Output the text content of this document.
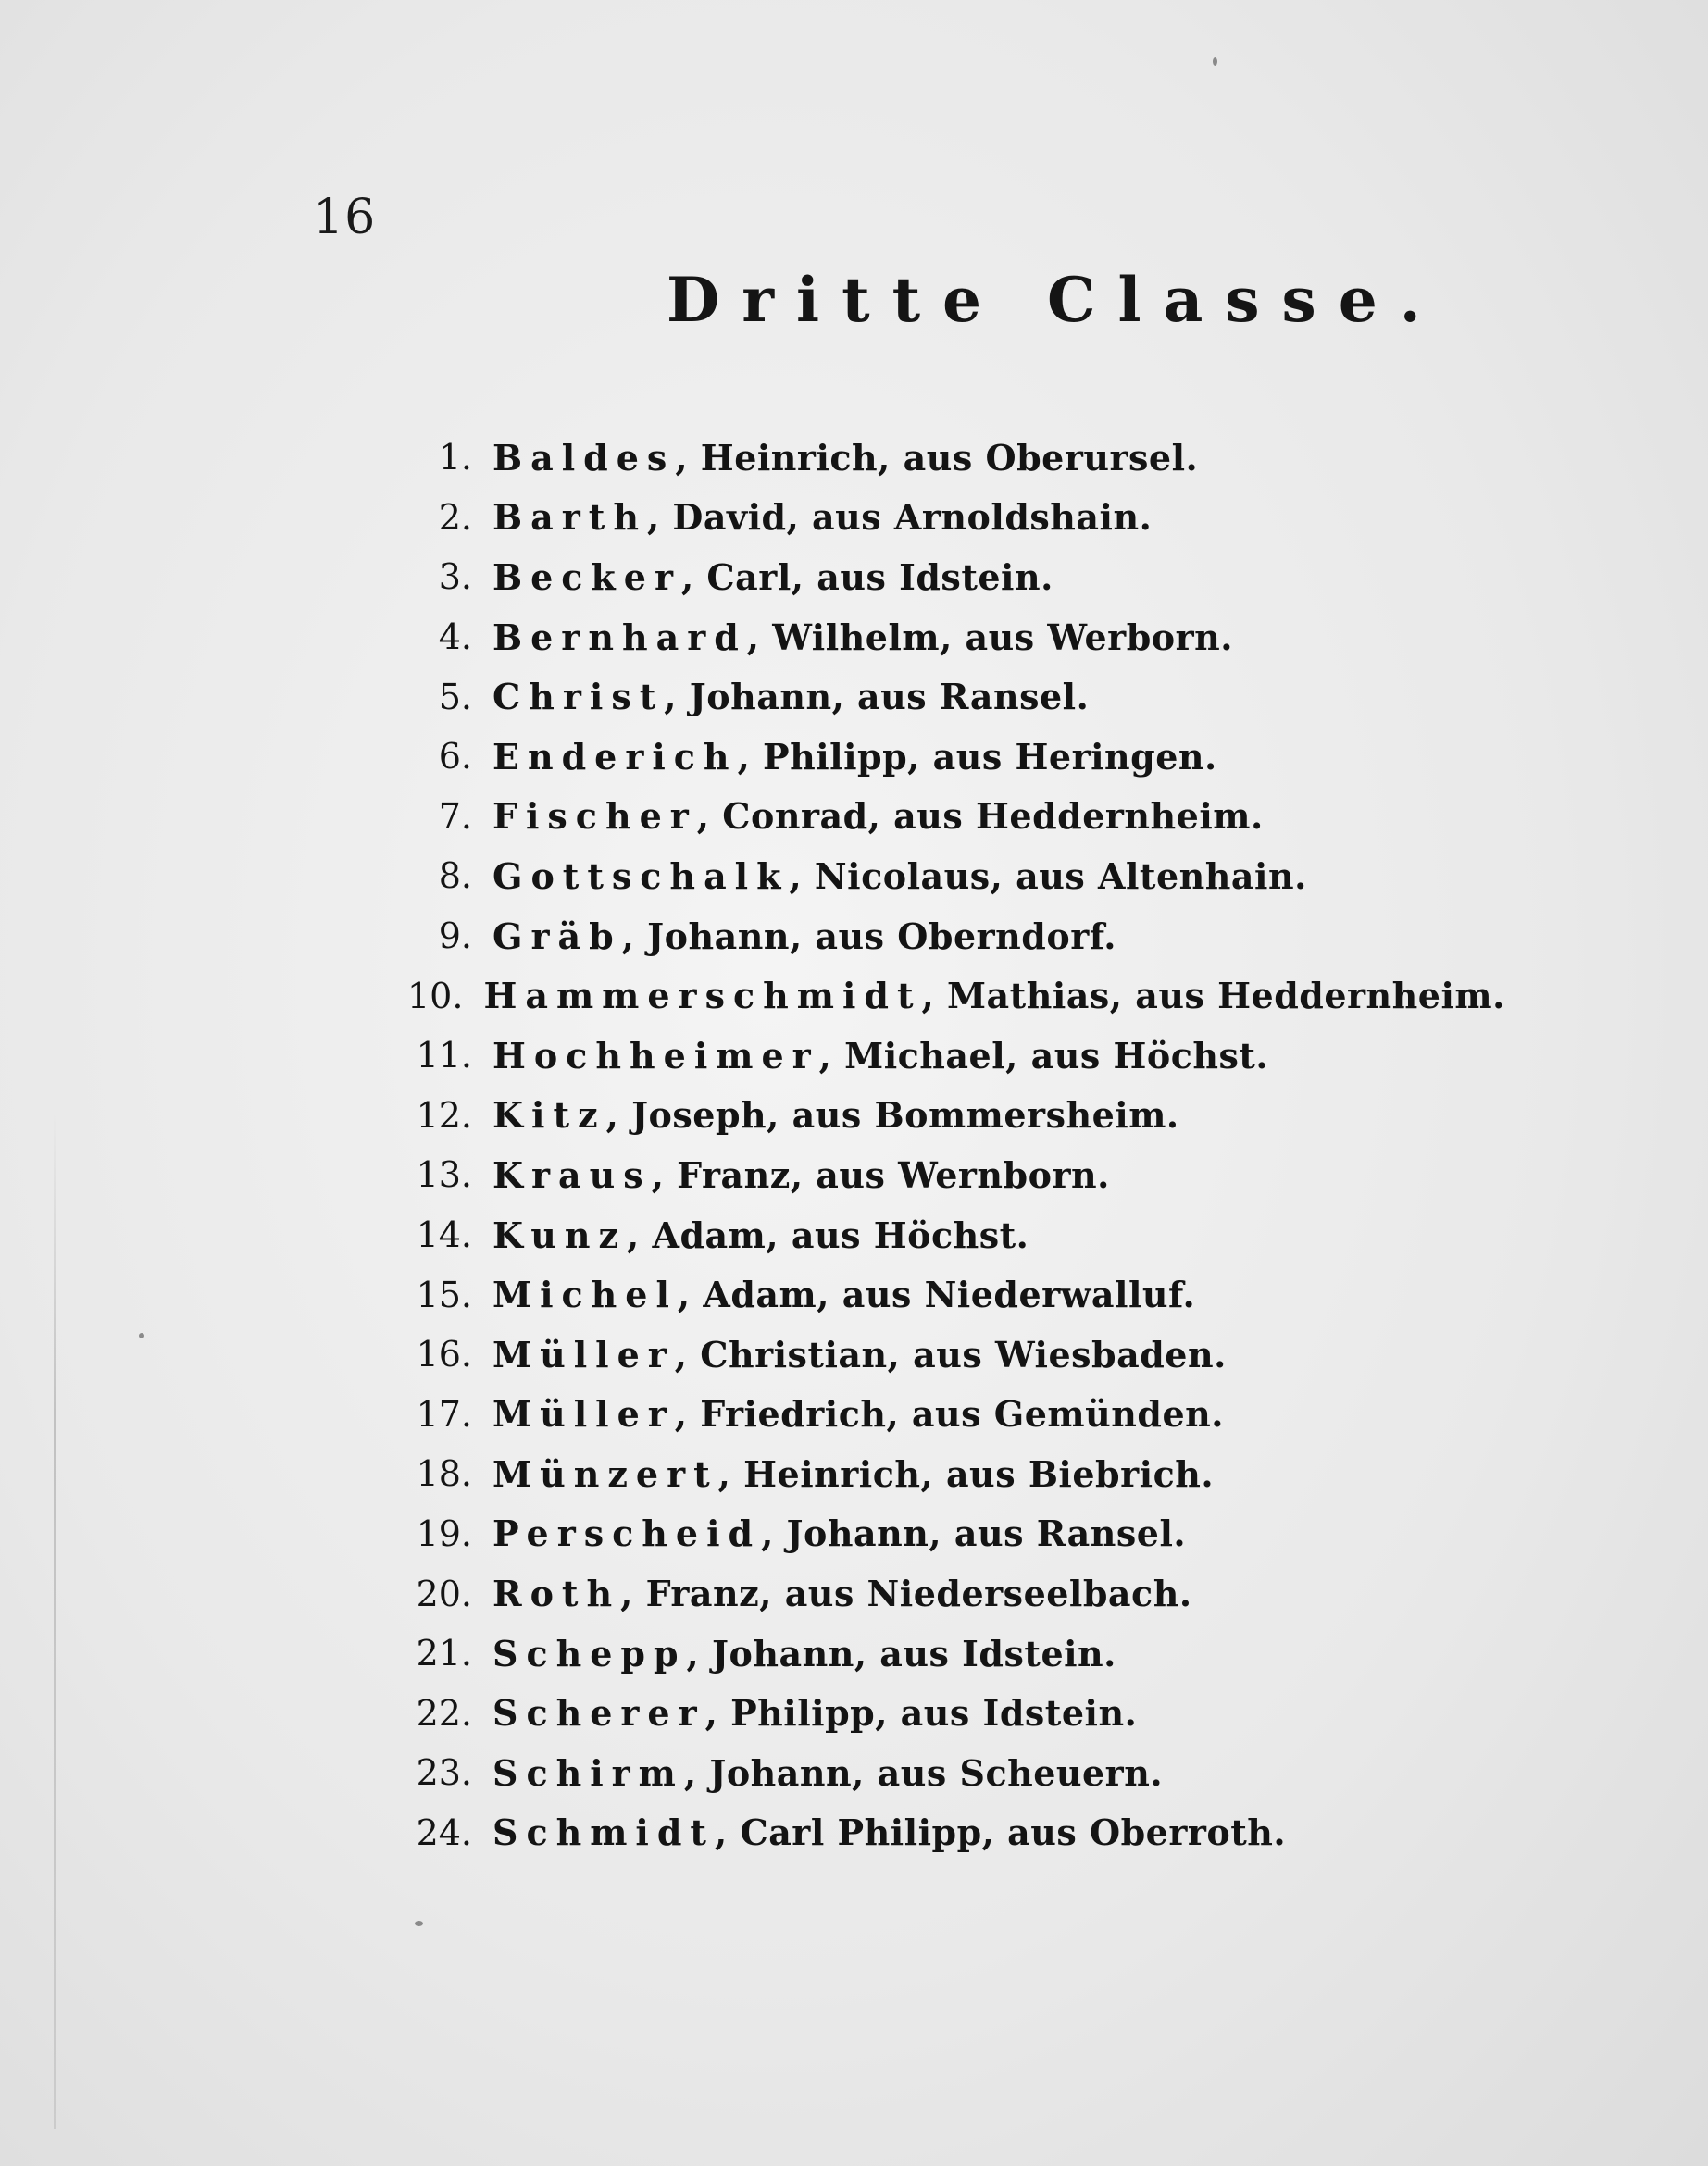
16
Dritte Classe.
1. Baldes , Heinrich, aus Oberursel.
2. Barth , David, aus Arnoldshain.
3. Becker , Carl, aus Idstein.
4. Bernhard , Wilhelm, aus Werborn.
5. Christ , Johann, aus Ransel.
6. Enderich , Philipp, aus Heringen.
7. Fischer , Conrad, aus Heddernheim.
8. Gottschalk , Nicolaus, aus Altenhain.
9. Gräb , Johann, aus Oberndorf.
10. Hammerschmidt , Mathias, aus Heddernheim.
11. Hochheimer , Michael, aus Höchst.
12. Kitz , Joseph, aus Bommersheim.
13. Kraus , Franz, aus Wernborn.
14. Kunz , Adam, aus Höchst.
15. Michel , Adam, aus Niederwalluf.
16. Müller , Christian, aus Wiesbaden.
17. Müller , Friedrich, aus Gemünden.
18. Münzert , Heinrich, aus Biebrich.
19. Perscheid , Johann, aus Ransel.
20. Roth , Franz, aus Niederseelbach.
21. Schepp , Johann, aus Idstein.
22. Scherer , Philipp, aus Idstein.
23. Schirm , Johann, aus Scheuern.
24. Schmidt , Carl Philipp, aus Oberroth.
